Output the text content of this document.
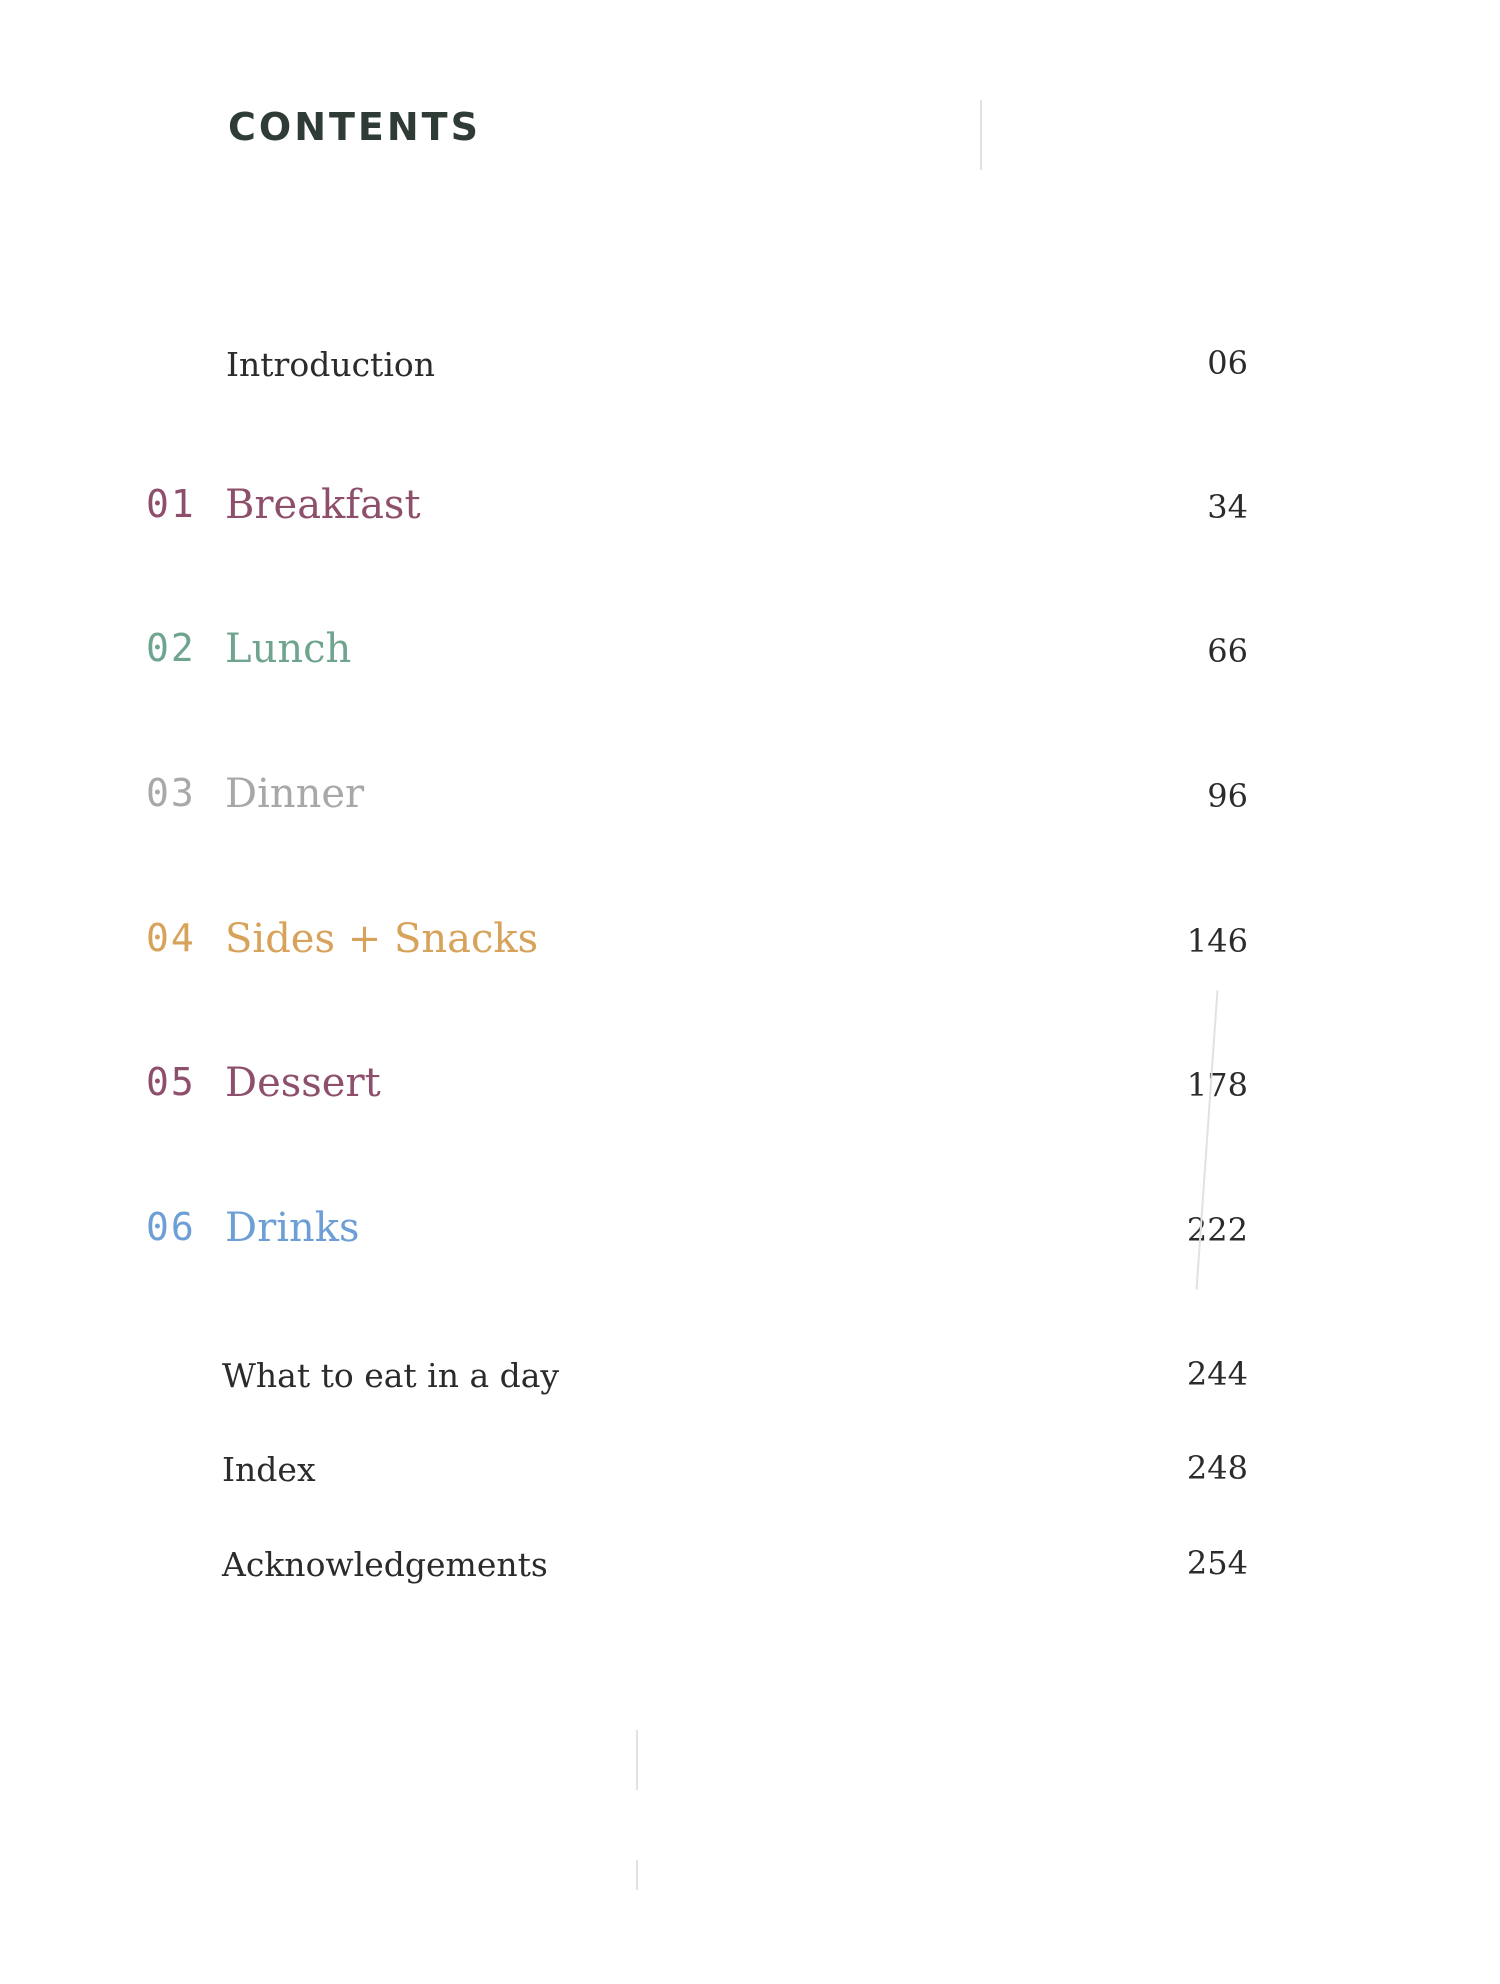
CONTENTS
Introduction	06
01 Breakfast	34
02 Lunch	66
03 Dinner	96
04 Sides + Snacks	146
05 Dessert	178
06 Drinks	222
What to eat in a day	244
Index	248
Acknowledgements	254
